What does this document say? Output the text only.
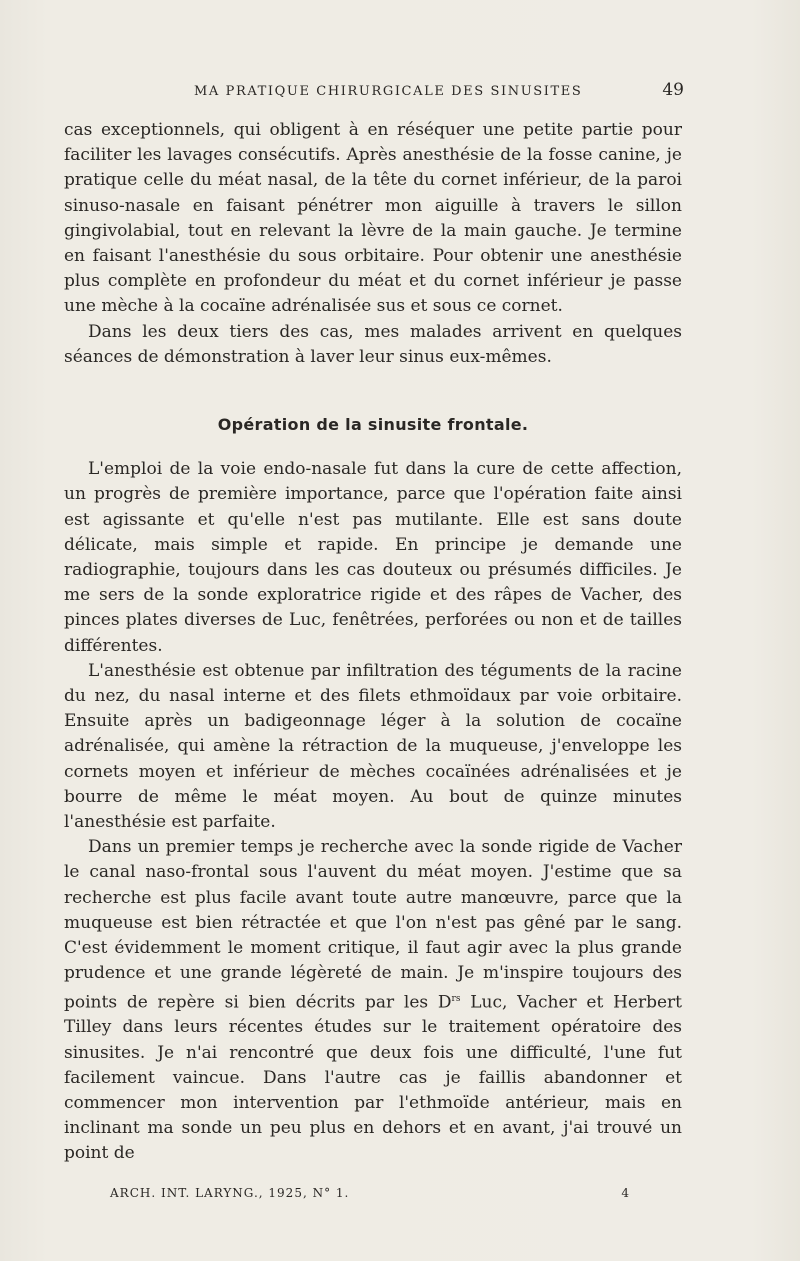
MA PRATIQUE CHIRURGICALE DES SINUSITES	49

cas exceptionnels, qui obligent à en réséquer une petite partie pour faciliter les lavages consécutifs. Après anesthésie de la fosse canine, je pratique celle du méat nasal, de la tête du cornet inférieur, de la paroi sinuso-nasale en faisant pénétrer mon aiguille à travers le sillon gingivolabial, tout en relevant la lèvre de la main gauche. Je termine en faisant l'anesthésie du sous orbitaire. Pour obtenir une anesthésie plus complète en profondeur du méat et du cornet inférieur je passe une mèche à la cocaïne adrénalisée sus et sous ce cornet.

Dans les deux tiers des cas, mes malades arrivent en quelques séances de démonstration à laver leur sinus eux-mêmes.

Opération de la sinusite frontale.

L'emploi de la voie endo-nasale fut dans la cure de cette affection, un progrès de première importance, parce que l'opération faite ainsi est agissante et qu'elle n'est pas mutilante. Elle est sans doute délicate, mais simple et rapide. En principe je demande une radiographie, toujours dans les cas douteux ou présumés difficiles. Je me sers de la sonde exploratrice rigide et des râpes de Vacher, des pinces plates diverses de Luc, fenêtrées, perforées ou non et de tailles différentes.

L'anesthésie est obtenue par infiltration des téguments de la racine du nez, du nasal interne et des filets ethmoïdaux par voie orbitaire. Ensuite après un badigeonnage léger à la solution de cocaïne adrénalisée, qui amène la rétraction de la muqueuse, j'enveloppe les cornets moyen et inférieur de mèches cocaïnées adrénalisées et je bourre de même le méat moyen. Au bout de quinze minutes l'anesthésie est parfaite.

Dans un premier temps je recherche avec la sonde rigide de Vacher le canal naso-frontal sous l'auvent du méat moyen. J'estime que sa recherche est plus facile avant toute autre manœuvre, parce que la muqueuse est bien rétractée et que l'on n'est pas gêné par le sang. C'est évidemment le moment critique, il faut agir avec la plus grande prudence et une grande légèreté de main. Je m'inspire toujours des points de repère si bien décrits par les $D^{rs}$ Luc, Vacher et Herbert Tilley dans leurs récentes études sur le traitement opératoire des sinusites. Je n'ai rencontré que deux fois une difficulté, l'une fut facilement vaincue. Dans l'autre cas je faillis abandonner et commencer mon intervention par l'ethmoïde antérieur, mais en inclinant ma sonde un peu plus en dehors et en avant, j'ai trouvé un point de

ARCH. INT. LARYNG., 1925, N° 1.	4
